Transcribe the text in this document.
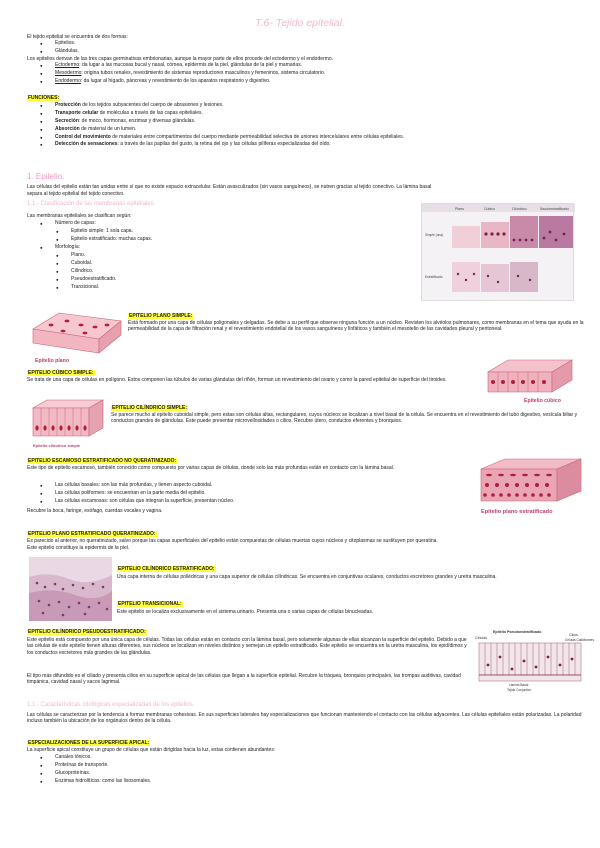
T.6- Tejido epitelial.
El tejido epitelial se encuentra de dos formas:
● Epitelios.
● Glándulas.
Los epitelios derivan de las tres capas germinativas embrionarias, aunque la mayor parte de ellos procede del ectodermo y el endodermo.
● Ectodermo: da lugar a las mucosas bucal y nasal, córnea, epidermis de la piel, glándulas de la piel y mamarias.
● Mesodermo: origina tubos renales, revestimiento de sistemas reproductores masculinos y femeninos, sistema circulatorio.
● Endodermo: da lugar al hígado, páncreas y revestimiento de los aparatos respiratorio y digestivo.
FUNCIONES:
● Protección de los tejidos subyacentes del cuerpo de abrasiones y lesiones.
● Transporte celular de moléculas a través de las capas epiteliales.
● Secreción: de moco, hormonas, enzimas y diversas glándulas.
● Absorción de material de un lumen.
● Control del movimiento de materiales entre compartimentos del cuerpo mediante permeabilidad selectiva de uniones intercelulares entre células epiteliales.
● Detección de sensaciones: a través de las papilas del gusto, la retina del ojo y las células pilíferas especializadas del oído.
1. Epitelio.
Las células del epitelio están tan unidas entre sí que no existe espacio extracelular. Están avasculizados (sin vasos sanguíneos), se nutren gracias al tejido conectivo. La lámina basal
separa al tejido epitelial del tejido conectivo.
1.1.- Clasificación de las membranas epiteliales.
Las membranas epiteliales se clasifican según:
● Número de capas:
● Epitelio simple: 1 sola capa.
● Epitelio estratificado: muchas capas.
● Morfología:
● Plano.
● Cuboidal.
● Cilíndrico.
● Pseudoestratificado.
● Transicional.
Plano	Cúbico	Cilíndrico	Seudoestratificado
Simple (una)
Estratificado
Epitelio plano
EPITELIO PLANO SIMPLE:
Está formado por una capa de células poligonales y delgadas. Se debe a su perfil que observe ninguna función a un núcleo. Revisten los alvéolos pulmonares, como membranas en el tema que ayuda en la permeabilidad de la capa de filtración renal y el revestimiento endotelial de los vasos sanguíneos y linfáticos y también el mesotelio de las cavidades pleural y peritoneal.
EPITELIO CÚBICO SIMPLE:
Se trata de una capa de células en polígono. Estos componen las túbulos de varias glándulas del riñón, forman un revestimiento del ovario y como la pared epitelial de superficie del tiroides.
Epitelio cúbico
Epitelio cilíndrico simple
EPITELIO CILÍNDRICO SIMPLE:
Se parece mucho al epitelio cuboidal simple, pero estas son células altas, rectangulares, cuyos núcleos se localizan a nivel basal de la célula. Se encuentra en el revestimiento del tubo digestivo, vesícula biliar y conductos grandes de glándulas. Este puede presentar microvellosidades o cilios. Recubre útero, conductos eferentes y bronquios.
EPITELIO ESCAMOSO ESTRATIFICADO NO QUERATINIZADO:
Este tipo de epitelio escamoso, también conocido como compuesto por varias capas de células, donde solo las más profundas están en contacto con la lámina basal.
● Las células basales: son las más profundas, y tienen aspecto cuboidal.
● Las células poliformes: se encuentran en la parte media del epitelio.
● Las células escamosas: son células que integran la superficie, presentan núcleo.
Recubre la boca, faringe, esófago, cuerdas vocales y vagina.	Epitelio plano estratificado
EPITELIO PLANO ESTRATIFICADO QUERATINIZADO:
Es parecido al anterior, no queratinizado, salvo porque las capas superficiales del epitelio están compuestas de células muertas cuyos núcleos y citoplasmas se sustituyen por queratina.
Este epitelio constituye la epidermis de la piel.
EPITELIO CILÍNDRICO ESTRATIFICADO:
Una capa interna de células poliédricas y una capa superior de células cilíndricas. Se encuentra en conjuntivas oculares, conductos excretores grandes y uretra masculina.
EPITELIO TRANSICIONAL:
Este epitelio se localiza exclusivamente en el sistema urinario. Presenta una o varias capas de células binucleadas.
EPITELIO CILÍNDRICO PSEUDOESTRATIFICADO:
Este epitelio está compuesto por una única capa de células. Todas las células están en contacto con la lámina basal, pero solamente algunas de ellas alcanzan la superficie del epitelio. Debido a que las células de este epitelio tienen alturas diferentes, sus núcleos se localizan en niveles distintos y semejan un epitelio estratificado. Este epitelio se encuentra en la uretra masculina, los epidídimos y los conductos excretores más grandes de las glándulas.
El tipo más difundido es el ciliado y presenta cilios en su superficie apical de las células que llegan a la superficie epitelial. Recubre la tráquea, bronquios principales, las trompas auditivas, cavidad timpánica, cavidad nasal y sacos lagrimal.
Epitelio Pseudoestratificado
Células
Cilios
Células Caliciformes
Lámina Basal
Tejido Conjuntivo
1.1.- Características citológicas especializadas de los epitelios.
Las células se caracterizan por la tendencia a formar membranas cohesivas. En sus superficies laterales hay especializaciones que funcionan manteniendo el contacto con las células adyacentes. Las células epiteliales están polarizadas. La polaridad incluso también la ubicación de los orgánulos dentro de la célula.
ESPECIALIZACIONES DE LA SUPERFICIE APICAL:
La superficie apical constituye un grupo de células que están dirigidas hacia la luz, estas contienen abundantes:
● Canales iónicos.
● Proteínas de transporte.
● Glucoproteínas.
● Enzimas hidrolíticas: como las lisosomales.
